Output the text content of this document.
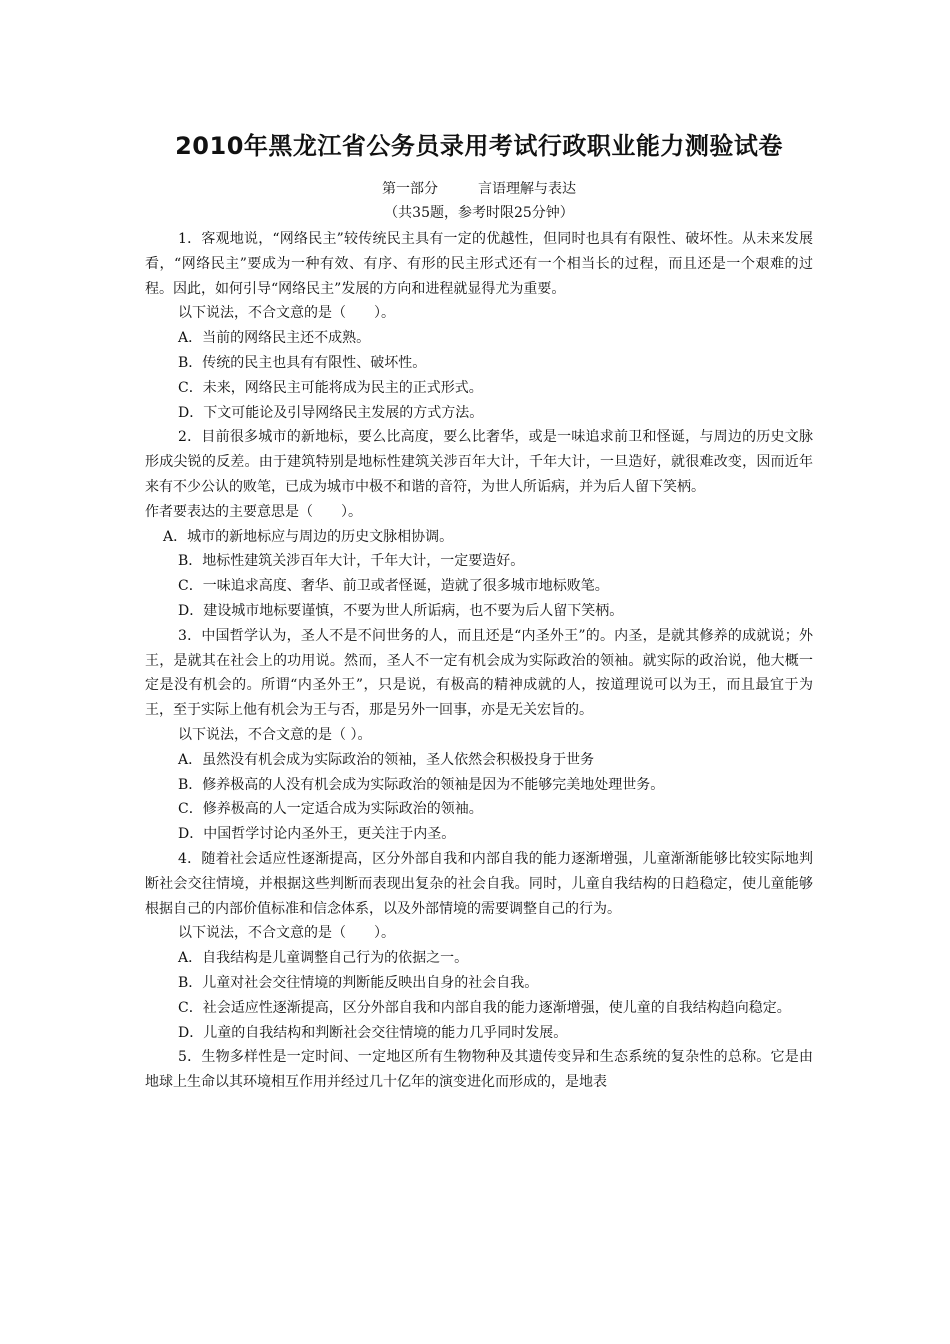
2010年黑龙江省公务员录用考试行政职业能力测验试卷
第一部分	言语理解与表达
（共35题，参考时限25分钟）

1．客观地说，“网络民主”较传统民主具有一定的优越性，但同时也具有有限性、破坏性。从未来发展看，“网络民主”要成为一种有效、有序、有形的民主形式还有一个相当长的过程，而且还是一个艰难的过程。因此，如何引导“网络民主”发展的方向和进程就显得尤为重要。

以下说法，不合文意的是（　　）。

A．当前的网络民主还不成熟。

B．传统的民主也具有有限性、破坏性。

C．未来，网络民主可能将成为民主的正式形式。

D．下文可能论及引导网络民主发展的方式方法。

2．目前很多城市的新地标，要么比高度，要么比奢华，或是一味追求前卫和怪诞，与周边的历史文脉形成尖锐的反差。由于建筑特别是地标性建筑关涉百年大计，千年大计，一旦造好，就很难改变，因而近年来有不少公认的败笔，已成为城市中极不和谐的音符，为世人所诟病，并为后人留下笑柄。

作者要表达的主要意思是（　　）。

A．城市的新地标应与周边的历史文脉相协调。

B．地标性建筑关涉百年大计，千年大计，一定要造好。

C．一味追求高度、奢华、前卫或者怪诞，造就了很多城市地标败笔。

D．建设城市地标要谨慎，不要为世人所诟病，也不要为后人留下笑柄。

3．中国哲学认为，圣人不是不问世务的人，而且还是“内圣外王”的。内圣，是就其修养的成就说；外王，是就其在社会上的功用说。然而，圣人不一定有机会成为实际政治的领袖。就实际的政治说，他大概一定是没有机会的。所谓“内圣外王”，只是说，有极高的精神成就的人，按道理说可以为王，而且最宜于为王，至于实际上他有机会为王与否，那是另外一回事，亦是无关宏旨的。

以下说法，不合文意的是（ ）。

A．虽然没有机会成为实际政治的领袖，圣人依然会积极投身于世务

B．修养极高的人没有机会成为实际政治的领袖是因为不能够完美地处理世务。

C．修养极高的人一定适合成为实际政治的领袖。

D．中国哲学讨论内圣外王，更关注于内圣。

4．随着社会适应性逐渐提高，区分外部自我和内部自我的能力逐渐增强，儿童渐渐能够比较实际地判断社会交往情境，并根据这些判断而表现出复杂的社会自我。同时，儿童自我结构的日趋稳定，使儿童能够根据自己的内部价值标准和信念体系，以及外部情境的需要调整自己的行为。

以下说法，不合文意的是（　　）。

A．自我结构是儿童调整自己行为的依据之一。

B．儿童对社会交往情境的判断能反映出自身的社会自我。

C．社会适应性逐渐提高，区分外部自我和内部自我的能力逐渐增强，使儿童的自我结构趋向稳定。

D．儿童的自我结构和判断社会交往情境的能力几乎同时发展。

5．生物多样性是一定时间、一定地区所有生物物种及其遗传变异和生态系统的复杂性的总称。它是由地球上生命以其环境相互作用并经过几十亿年的演变进化而形成的，是地表
